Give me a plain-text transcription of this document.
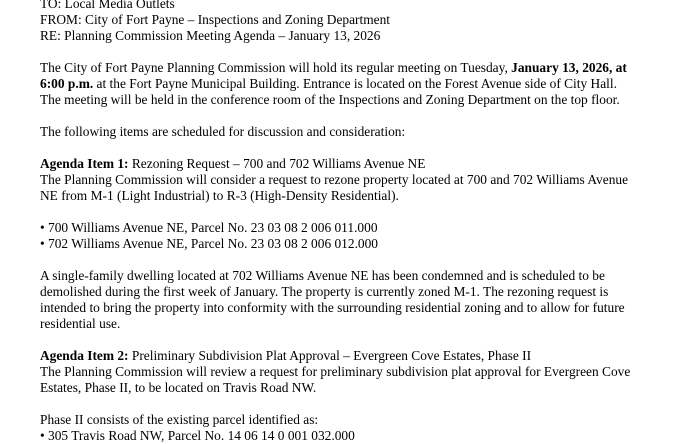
TO: Local Media Outlets
FROM: City of Fort Payne – Inspections and Zoning Department
RE: Planning Commission Meeting Agenda – January 13, 2026
The City of Fort Payne Planning Commission will hold its regular meeting on Tuesday, January 13, 2026, at
6:00 p.m. at the Fort Payne Municipal Building. Entrance is located on the Forest Avenue side of City Hall.
The meeting will be held in the conference room of the Inspections and Zoning Department on the top floor.
The following items are scheduled for discussion and consideration:
Agenda Item 1: Rezoning Request – 700 and 702 Williams Avenue NE
The Planning Commission will consider a request to rezone property located at 700 and 702 Williams Avenue
NE from M-1 (Light Industrial) to R-3 (High-Density Residential).
• 700 Williams Avenue NE, Parcel No. 23 03 08 2 006 011.000
• 702 Williams Avenue NE, Parcel No. 23 03 08 2 006 012.000
A single-family dwelling located at 702 Williams Avenue NE has been condemned and is scheduled to be
demolished during the first week of January. The property is currently zoned M-1. The rezoning request is
intended to bring the property into conformity with the surrounding residential zoning and to allow for future
residential use.
Agenda Item 2: Preliminary Subdivision Plat Approval – Evergreen Cove Estates, Phase II
The Planning Commission will review a request for preliminary subdivision plat approval for Evergreen Cove
Estates, Phase II, to be located on Travis Road NW.
Phase II consists of the existing parcel identified as:
• 305 Travis Road NW, Parcel No. 14 06 14 0 001 032.000
